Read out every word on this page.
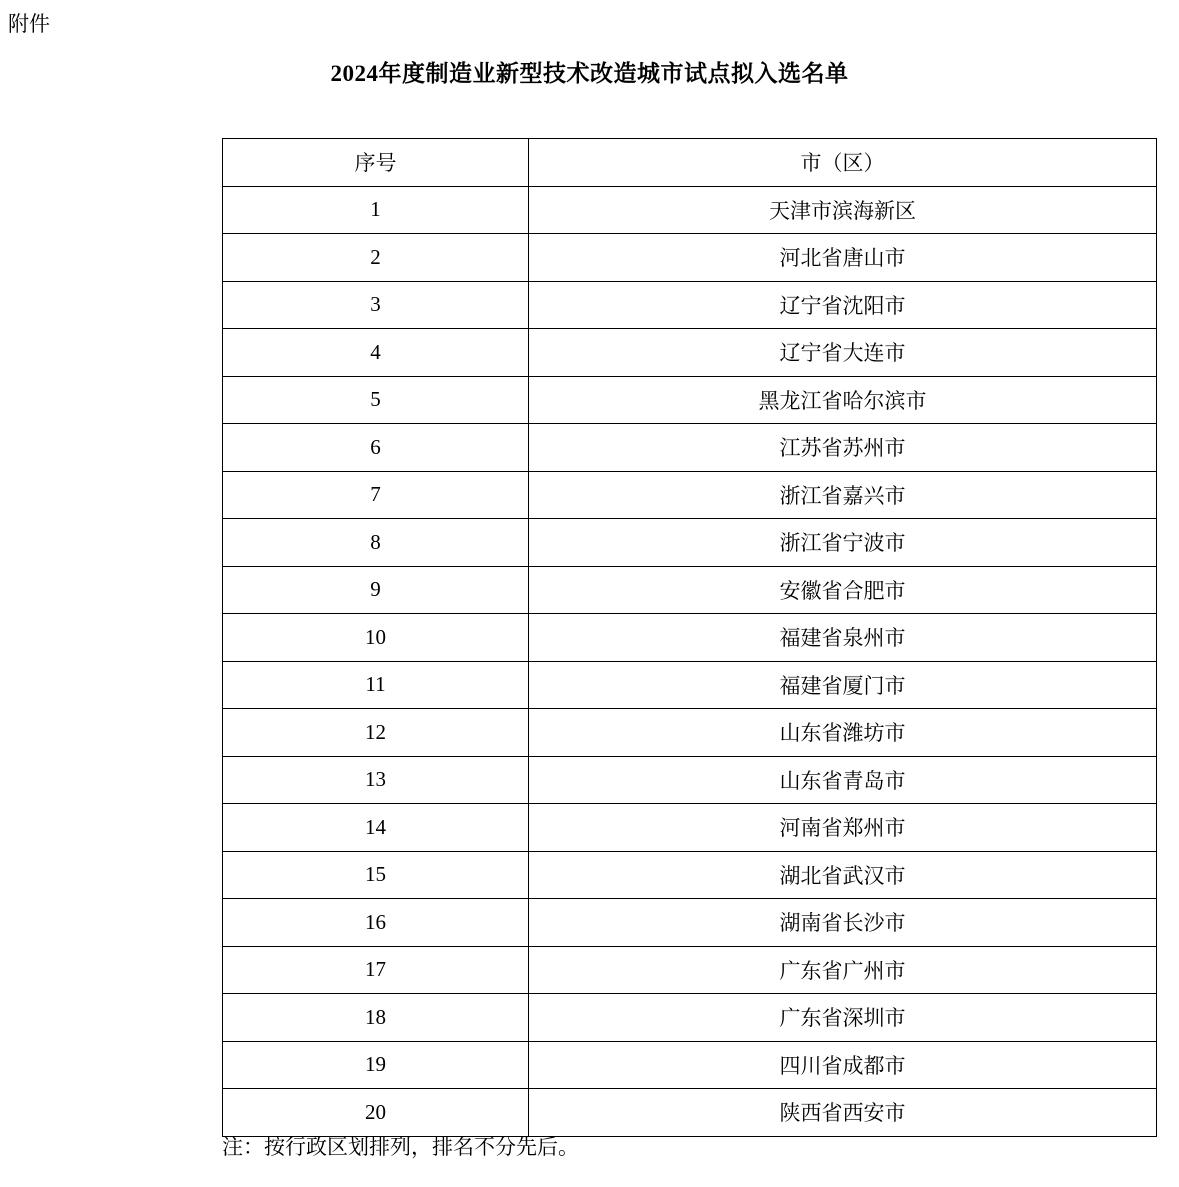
附件
2024年度制造业新型技术改造城市试点拟入选名单
序号	市（区）
1	天津市滨海新区
2	河北省唐山市
3	辽宁省沈阳市
4	辽宁省大连市
5	黑龙江省哈尔滨市
6	江苏省苏州市
7	浙江省嘉兴市
8	浙江省宁波市
9	安徽省合肥市
10	福建省泉州市
11	福建省厦门市
12	山东省潍坊市
13	山东省青岛市
14	河南省郑州市
15	湖北省武汉市
16	湖南省长沙市
17	广东省广州市
18	广东省深圳市
19	四川省成都市
20	陕西省西安市
注：按行政区划排列，排名不分先后。
